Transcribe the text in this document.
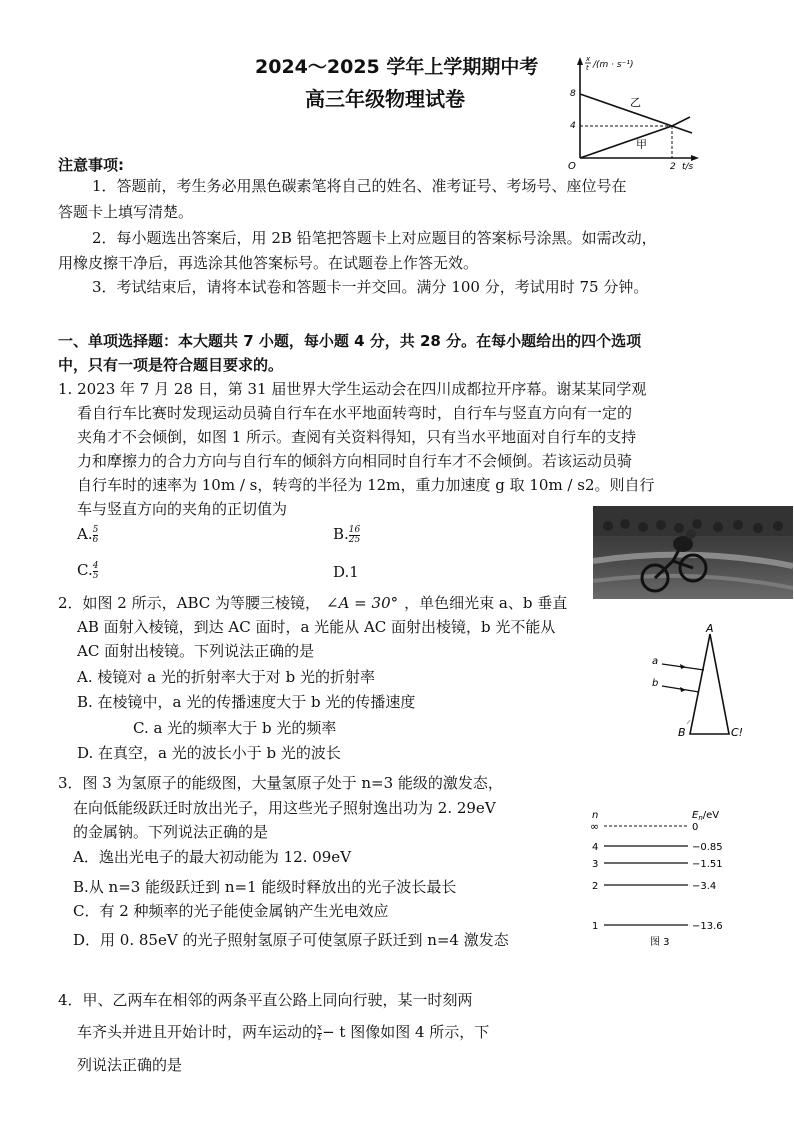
2024～2025 学年上学期期中考
高三年级物理试卷
x
t /(m · s⁻¹)
8
4
2
O	t/s
乙
甲
注意事项:
1．答题前，考生务必用黑色碳素笔将自己的姓名、准考证号、考场号、座位号在
答题卡上填写清楚。
2．每小题选出答案后，用 2B 铅笔把答题卡上对应题目的答案标号涂黑。如需改动，
用橡皮擦干净后，再选涂其他答案标号。在试题卷上作答无效。
3．考试结束后，请将本试卷和答题卡一并交回。满分 100 分，考试用时 75 分钟。
一、单项选择题：本大题共 7 小题，每小题 4 分，共 28 分。在每小题给出的四个选项
中，只有一项是符合题目要求的。
1. 2023 年 7 月 28 日，第 31 届世界大学生运动会在四川成都拉开序幕。谢某某同学观
看自行车比赛时发现运动员骑自行车在水平地面转弯时，自行车与竖直方向有一定的
夹角才不会倾倒，如图 1 所示。查阅有关资料得知，只有当水平地面对自行车的支持
力和摩擦力的合力方向与自行车的倾斜方向相同时自行车才不会倾倒。若该运动员骑
自行车时的速率为 10m / s，转弯的半径为 12m，重力加速度 g 取 10m / s2。则自行
车与竖直方向的夹角的正切值为
A. $\frac{5}{6}$	B. $\frac{16}{25}$
C. $\frac{4}{5}$	D.1
2．如图 2 所示，ABC 为等腰三棱镜， ∠A = 30° ，单色细光束 a、b 垂直
AB 面射入棱镜，到达 AC 面时，a 光能从 AC 面射出棱镜，b 光不能从
AC 面射出棱镜。下列说法正确的是
A. 棱镜对 a 光的折射率大于对 b 光的折射率
B. 在棱镜中，a 光的传播速度大于 b 光的传播速度
C. a 光的频率大于 b 光的频率
D. 在真空，a 光的波长小于 b 光的波长
A
B	C!
a
b
3．图 3 为氢原子的能级图，大量氢原子处于 n=3 能级的激发态，
在向低能级跃迁时放出光子，用这些光子照射逸出功为 2. 29eV
的金属钠。下列说法正确的是
A．逸出光电子的最大初动能为 12. 09eV
B.从 n=3 能级跃迁到 n=1 能级时释放出的光子波长最长
C．有 2 种频率的光子能使金属钠产生光电效应
D．用 0. 85eV 的光子照射氢原子可使氢原子跃迁到 n=4 激发态
n	$E_n/eV$
∞	0
4	−0.85
3	−1.51
2	−3.4
1	−13.6
图 3
4．甲、乙两车在相邻的两条平直公路上同向行驶，某一时刻两
车齐头并进且开始计时，两车运动的 $\frac{x}{t} - t$ 图像如图 4 所示，下
列说法正确的是
